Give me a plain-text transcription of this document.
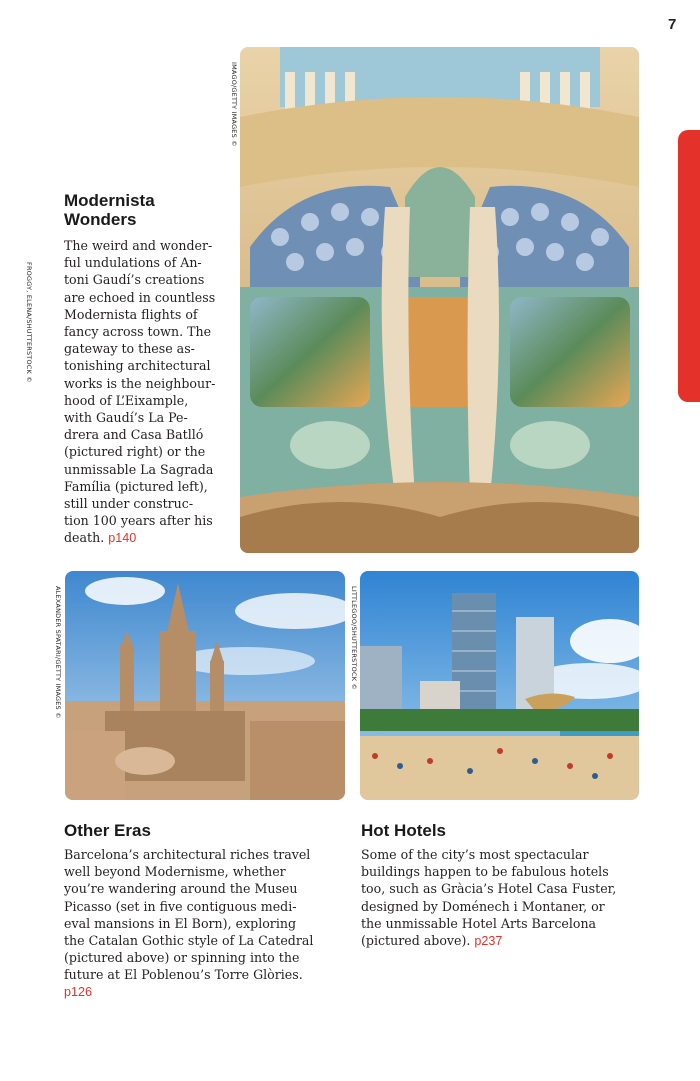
7
FROGGY, ELENA/SHUTTERSTOCK ©
IMAGO/GETTY IMAGES ©
ALEXANDER SPATARI/GETTY IMAGES ©	LITTLEGOO/SHUTTERSTOCK ©
Modernista
Wonders
The weird and wonder-
ful undulations of An-
toni Gaudí’s creations
are echoed in countless
Modernista flights of
fancy across town. The
gateway to these as-
tonishing architectural
works is the neighbour-
hood of L’Eixample,
with Gaudí’s La Pe-
drera and Casa Batlló
(pictured right) or the
unmissable La Sagrada
Família (pictured left),
still under construc-
tion 100 years after his
death. p140
Other Eras
Barcelona’s architectural riches travel
well beyond Modernisme, whether
you’re wandering around the Museu
Picasso (set in five contiguous medi-
eval mansions in El Born), exploring
the Catalan Gothic style of La Catedral
(pictured above) or spinning into the
future at El Poblenou’s Torre Glòries.
p126
Hot Hotels
Some of the city’s most spectacular
buildings happen to be fabulous hotels
too, such as Gràcia’s Hotel Casa Fuster,
designed by Doménech i Montaner, or
the unmissable Hotel Arts Barcelona
(pictured above). p237
